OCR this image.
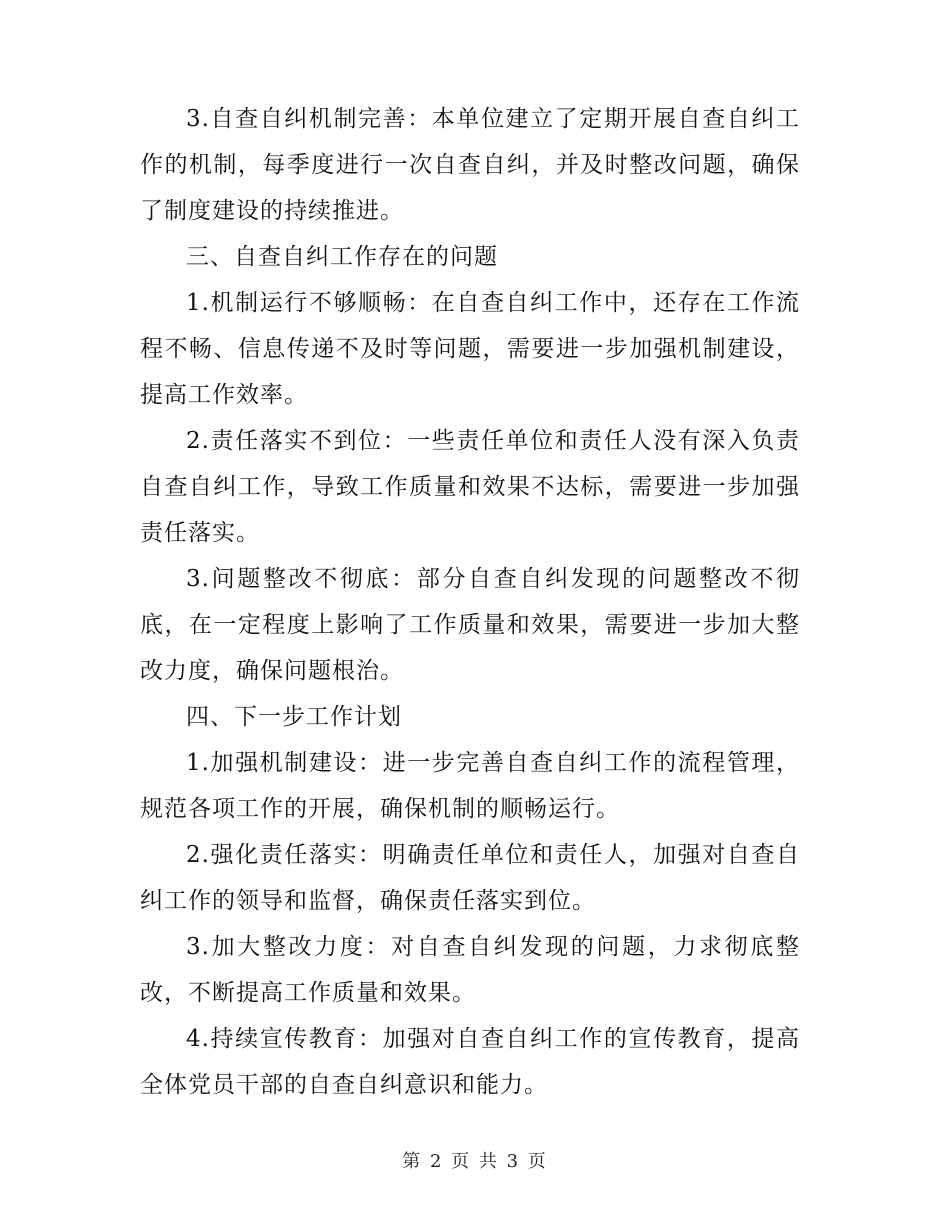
3.自查自纠机制完善：本单位建立了定期开展自查自纠工作的机制，每季度进行一次自查自纠，并及时整改问题，确保了制度建设的持续推进。

三、自查自纠工作存在的问题

1.机制运行不够顺畅：在自查自纠工作中，还存在工作流程不畅、信息传递不及时等问题，需要进一步加强机制建设，提高工作效率。

2.责任落实不到位：一些责任单位和责任人没有深入负责自查自纠工作，导致工作质量和效果不达标，需要进一步加强责任落实。

3.问题整改不彻底：部分自查自纠发现的问题整改不彻底，在一定程度上影响了工作质量和效果，需要进一步加大整改力度，确保问题根治。

四、下一步工作计划

1.加强机制建设：进一步完善自查自纠工作的流程管理，规范各项工作的开展，确保机制的顺畅运行。

2.强化责任落实：明确责任单位和责任人，加强对自查自纠工作的领导和监督，确保责任落实到位。

3.加大整改力度：对自查自纠发现的问题，力求彻底整改，不断提高工作质量和效果。

4.持续宣传教育：加强对自查自纠工作的宣传教育，提高全体党员干部的自查自纠意识和能力。

第 2 页 共 3 页
